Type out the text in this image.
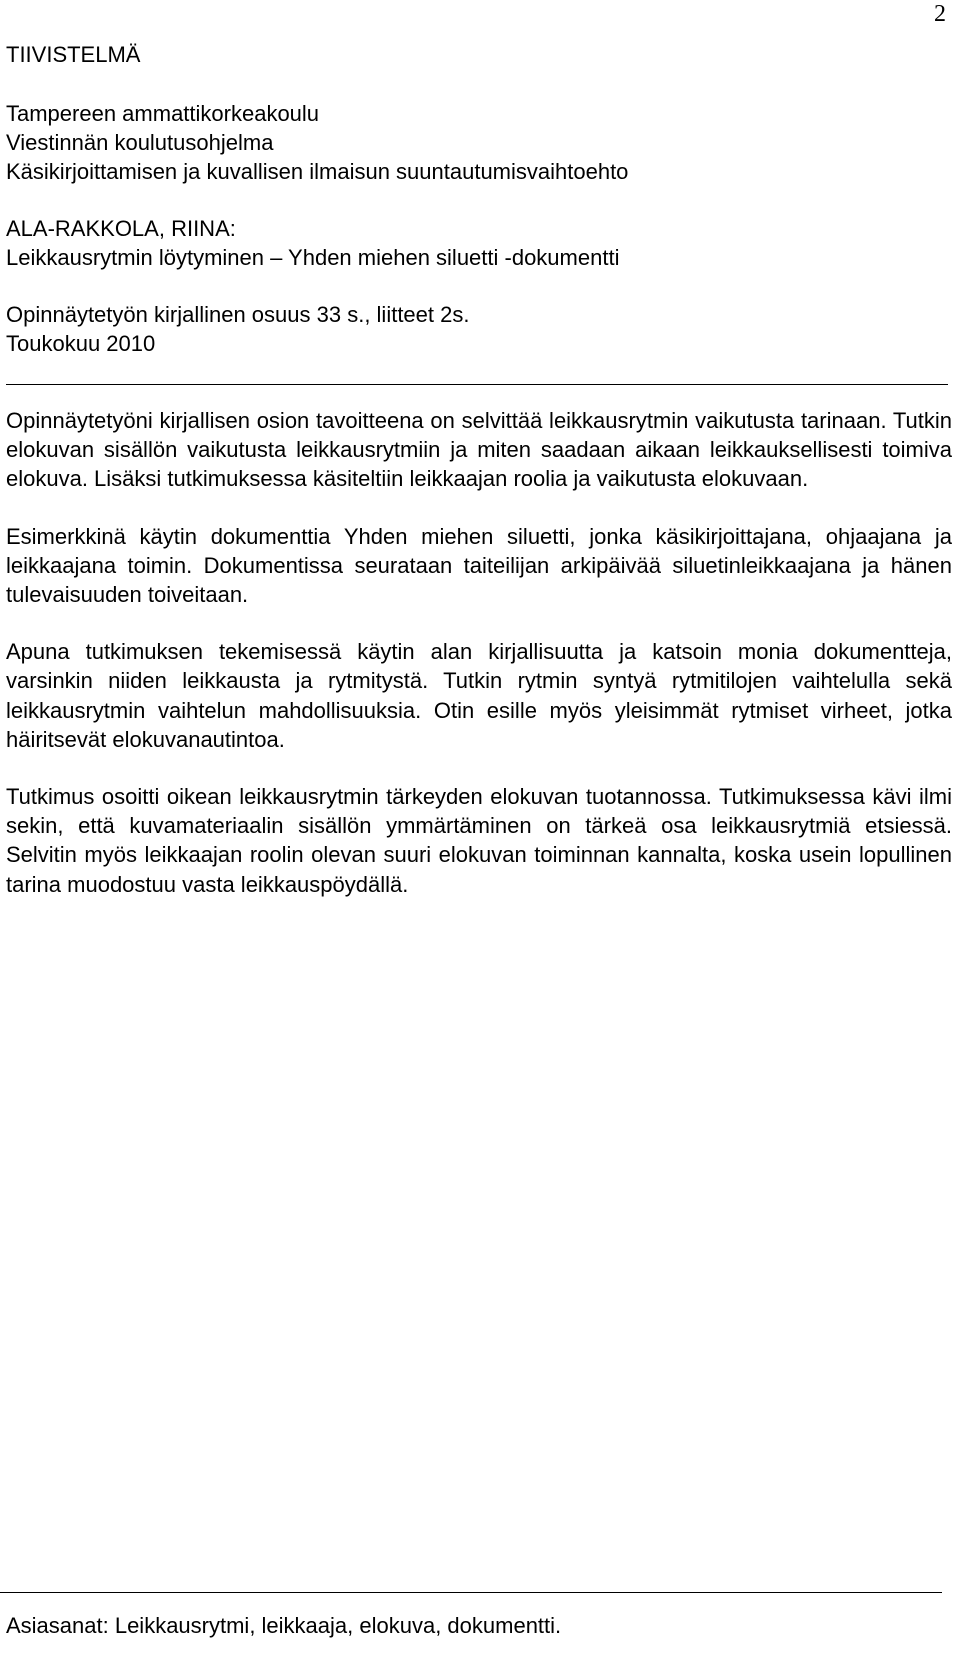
2
TIIVISTELMÄ
Tampereen ammattikorkeakoulu
Viestinnän koulutusohjelma
Käsikirjoittamisen ja kuvallisen ilmaisun suuntautumisvaihtoehto
ALA-RAKKOLA, RIINA:
Leikkausrytmin löytyminen – Yhden miehen siluetti -dokumentti
Opinnäytetyön kirjallinen osuus 33 s., liitteet 2s.
Toukokuu 2010

Opinnäytetyöni kirjallisen osion tavoitteena on selvittää leikkausrytmin vaikutusta tarinaan. Tutkin elokuvan sisällön vaikutusta leikkausrytmiin ja miten saadaan aikaan leikkauksellisesti toimiva elokuva. Lisäksi tutkimuksessa käsiteltiin leikkaajan roolia ja vaikutusta elokuvaan.

Esimerkkinä käytin dokumenttia Yhden miehen siluetti, jonka käsikirjoittajana, ohjaajana ja leikkaajana toimin. Dokumentissa seurataan taiteilijan arkipäivää siluetinleikkaajana ja hänen tulevaisuuden toiveitaan.

Apuna tutkimuksen tekemisessä käytin alan kirjallisuutta ja katsoin monia dokumentteja, varsinkin niiden leikkausta ja rytmitystä. Tutkin rytmin syntyä rytmitilojen vaihtelulla sekä leikkausrytmin vaihtelun mahdollisuuksia. Otin esille myös yleisimmät rytmiset virheet, jotka häiritsevät elokuvanautintoa.

Tutkimus osoitti oikean leikkausrytmin tärkeyden elokuvan tuotannossa. Tutkimuksessa kävi ilmi sekin, että kuvamateriaalin sisällön ymmärtäminen on tärkeä osa leikkausrytmiä etsiessä. Selvitin myös leikkaajan roolin olevan suuri elokuvan toiminnan kannalta, koska usein lopullinen tarina muodostuu vasta leikkauspöydällä.

Asiasanat: Leikkausrytmi, leikkaaja, elokuva, dokumentti.
